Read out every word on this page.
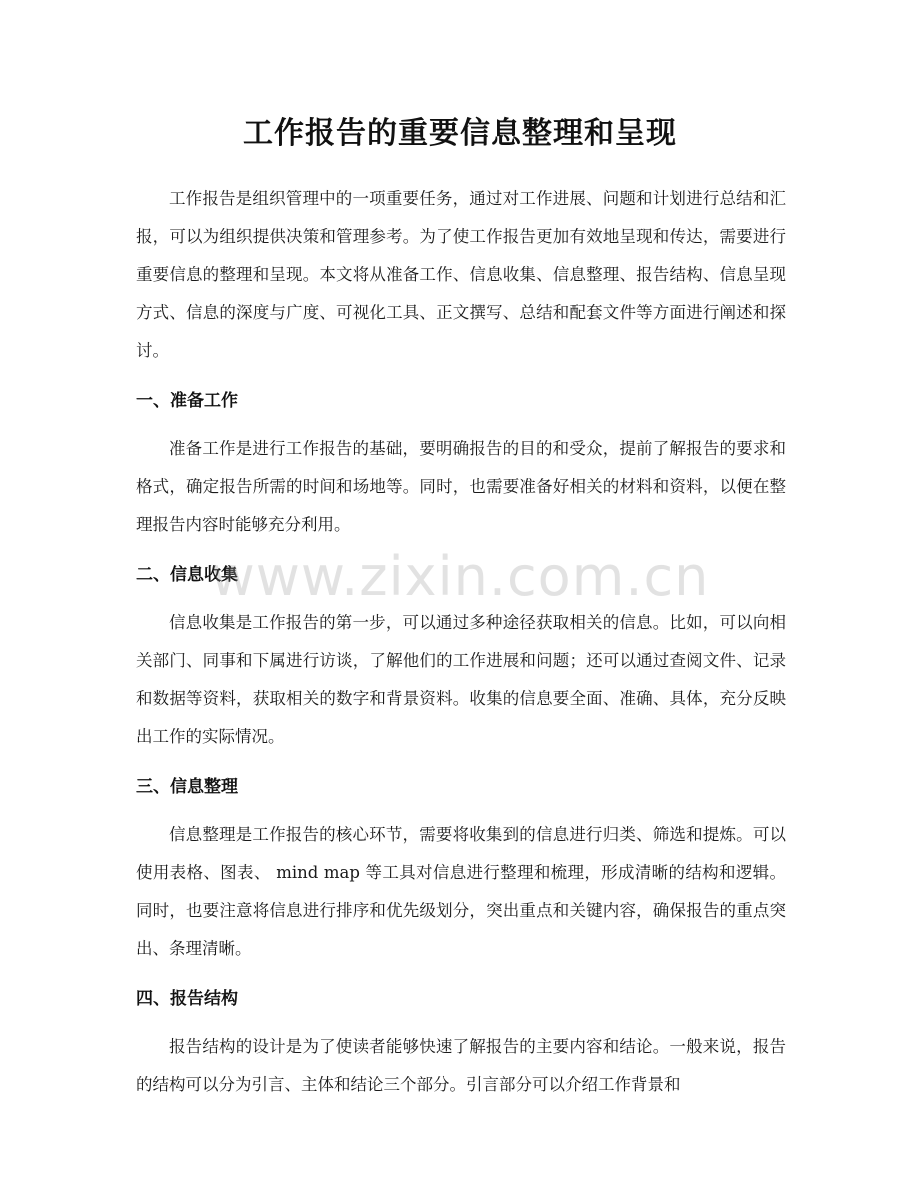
工作报告的重要信息整理和呈现

工作报告是组织管理中的一项重要任务，通过对工作进展、问题和计划进行总结和汇报，可以为组织提供决策和管理参考。为了使工作报告更加有效地呈现和传达，需要进行重要信息的整理和呈现。本文将从准备工作、信息收集、信息整理、报告结构、信息呈现方式、信息的深度与广度、可视化工具、正文撰写、总结和配套文件等方面进行阐述和探讨。

一、准备工作

准备工作是进行工作报告的基础，要明确报告的目的和受众，提前了解报告的要求和格式，确定报告所需的时间和场地等。同时，也需要准备好相关的材料和资料，以便在整理报告内容时能够充分利用。

二、信息收集

信息收集是工作报告的第一步，可以通过多种途径获取相关的信息。比如，可以向相关部门、同事和下属进行访谈，了解他们的工作进展和问题；还可以通过查阅文件、记录和数据等资料，获取相关的数字和背景资料。收集的信息要全面、准确、具体，充分反映出工作的实际情况。

三、信息整理

信息整理是工作报告的核心环节，需要将收集到的信息进行归类、筛选和提炼。可以使用表格、图表、 mind map 等工具对信息进行整理和梳理，形成清晰的结构和逻辑。同时，也要注意将信息进行排序和优先级划分，突出重点和关键内容，确保报告的重点突出、条理清晰。

四、报告结构

报告结构的设计是为了使读者能够快速了解报告的主要内容和结论。一般来说，报告的结构可以分为引言、主体和结论三个部分。引言部分可以介绍工作背景和

www.zixin.com.cn
